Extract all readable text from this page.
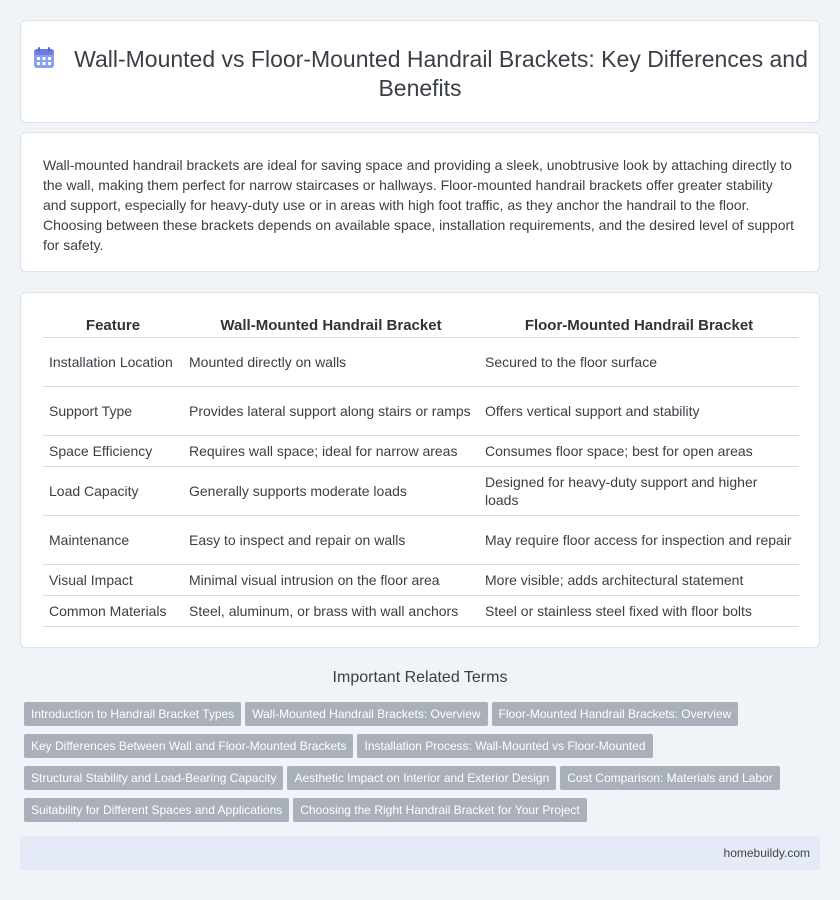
Wall-Mounted vs Floor-Mounted Handrail Brackets: Key Differences and Benefits

Wall-mounted handrail brackets are ideal for saving space and providing a sleek, unobtrusive look by attaching directly to the wall, making them perfect for narrow staircases or hallways. Floor-mounted handrail brackets offer greater stability and support, especially for heavy-duty use or in areas with high foot traffic, as they anchor the handrail to the floor. Choosing between these brackets depends on available space, installation requirements, and the desired level of support for safety.

Feature	Wall-Mounted Handrail Bracket	Floor-Mounted Handrail Bracket
Installation Location	Mounted directly on walls	Secured to the floor surface
Support Type	Provides lateral support along stairs or ramps	Offers vertical support and stability
Space Efficiency	Requires wall space; ideal for narrow areas	Consumes floor space; best for open areas
Load Capacity	Generally supports moderate loads	Designed for heavy-duty support and higher loads
Maintenance	Easy to inspect and repair on walls	May require floor access for inspection and repair
Visual Impact	Minimal visual intrusion on the floor area	More visible; adds architectural statement
Common Materials	Steel, aluminum, or brass with wall anchors	Steel or stainless steel fixed with floor bolts
Important Related Terms
Introduction to Handrail Bracket Types Wall-Mounted Handrail Brackets: Overview Floor-Mounted Handrail Brackets: Overview
Key Differences Between Wall and Floor-Mounted Brackets Installation Process: Wall-Mounted vs Floor-Mounted
Structural Stability and Load-Bearing Capacity Aesthetic Impact on Interior and Exterior Design Cost Comparison: Materials and Labor
Suitability for Different Spaces and Applications Choosing the Right Handrail Bracket for Your Project
homebuildy.com
